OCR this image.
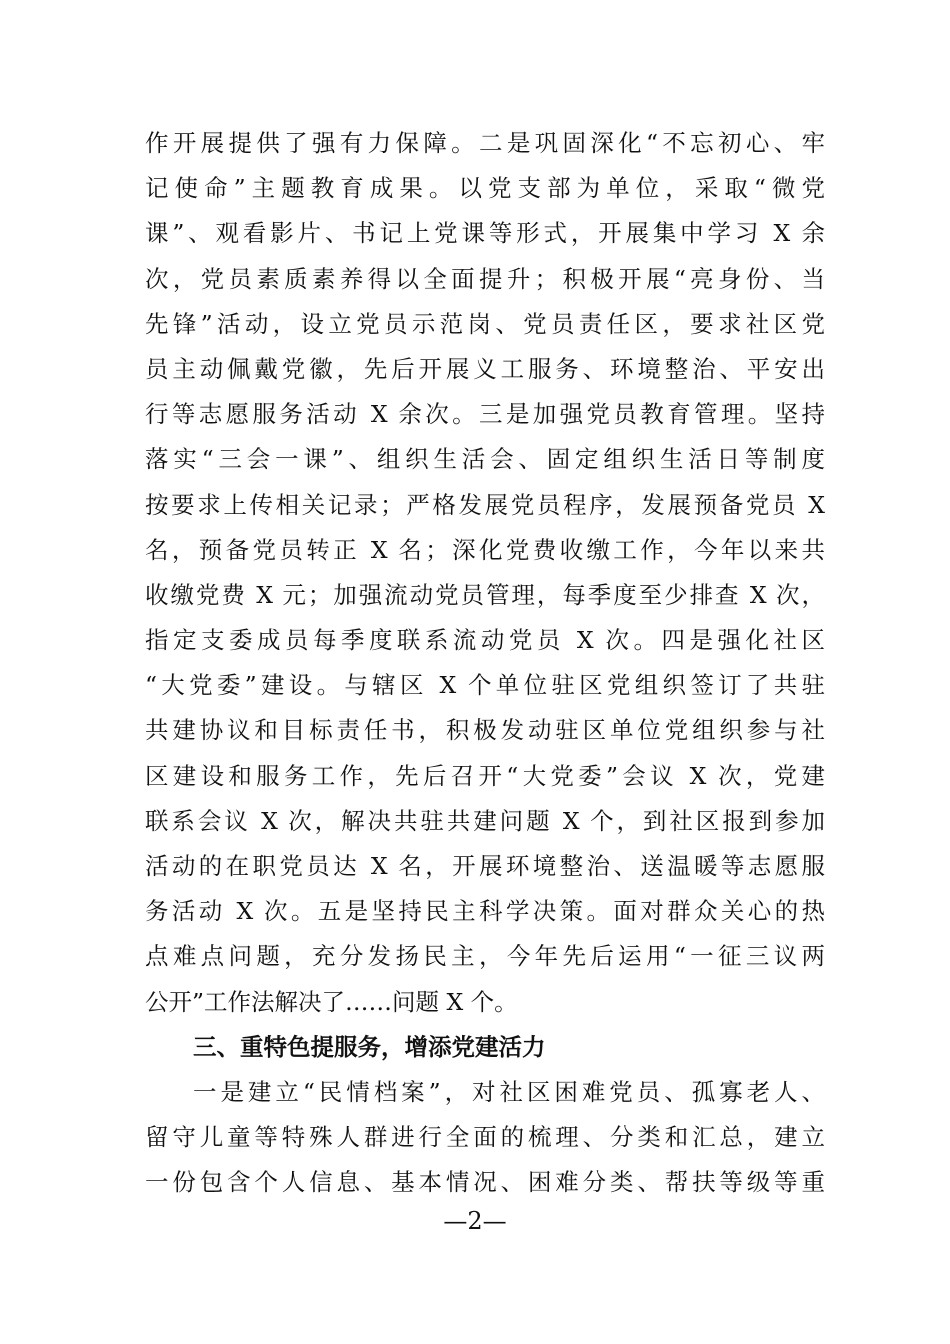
作开展提供了强有力保障。二是巩固深化“不忘初心、牢
记使命”主题教育成果。以党支部为单位，采取“微党
课”、观看影片、书记上党课等形式，开展集中学习 X 余
次，党员素质素养得以全面提升；积极开展“亮身份、当
先锋”活动，设立党员示范岗、党员责任区，要求社区党
员主动佩戴党徽，先后开展义工服务、环境整治、平安出
行等志愿服务活动 X 余次。三是加强党员教育管理。坚持
落实“三会一课”、组织生活会、固定组织生活日等制度
按要求上传相关记录；严格发展党员程序，发展预备党员 X
名，预备党员转正 X 名；深化党费收缴工作，今年以来共
收缴党费 X 元；加强流动党员管理，每季度至少排查 X 次，
指定支委成员每季度联系流动党员 X 次。四是强化社区
“大党委”建设。与辖区 X 个单位驻区党组织签订了共驻
共建协议和目标责任书，积极发动驻区单位党组织参与社
区建设和服务工作，先后召开“大党委”会议 X 次，党建
联系会议 X 次，解决共驻共建问题 X 个，到社区报到参加
活动的在职党员达 X 名，开展环境整治、送温暖等志愿服
务活动 X 次。五是坚持民主科学决策。面对群众关心的热
点难点问题，充分发扬民主，今年先后运用“一征三议两
公开”工作法解决了……问题 X 个。
三、重特色提服务，增添党建活力
一是建立“民情档案”，对社区困难党员、孤寡老人、
留守儿童等特殊人群进行全面的梳理、分类和汇总，建立
一份包含个人信息、基本情况、困难分类、帮扶等级等重
—2—
